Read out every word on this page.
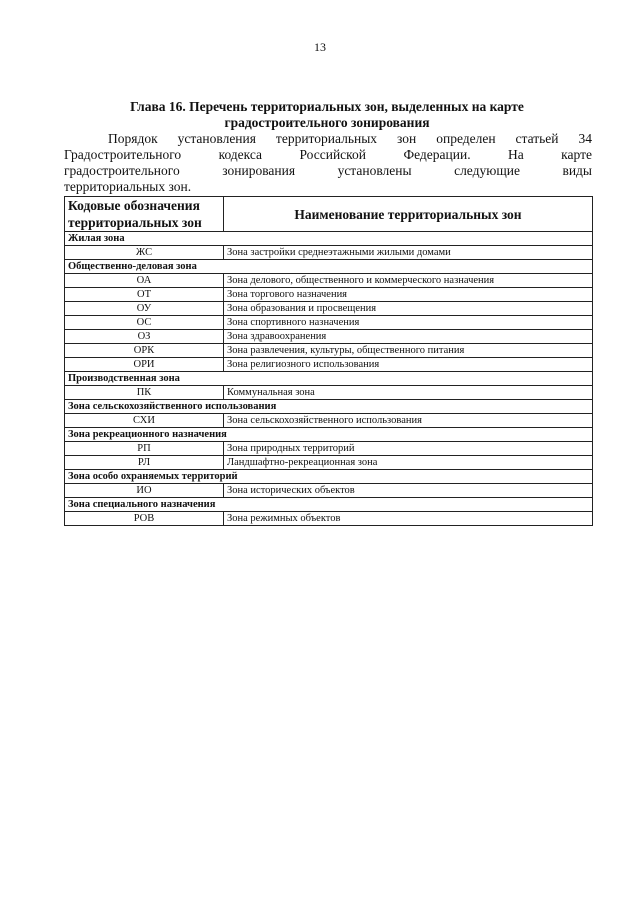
13
Глава 16. Перечень территориальных зон, выделенных на карте
градостроительного зонирования

Порядок установления территориальных зон определен статьей 34

Градостроительного кодекса Российской Федерации. На карте

градостроительного зонирования установлены следующие виды

территориальных зон.

Кодовые обозначения
территориальных зон	Наименование территориальных зон
Жилая зона	
ЖС	Зона застройки среднеэтажными жилыми домами
Общественно-деловая зона	
ОА	Зона делового, общественного и коммерческого назначения
ОТ	Зона торгового назначения
ОУ	Зона образования и просвещения
ОС	Зона спортивного назначения
ОЗ	Зона здравоохранения
ОРК	Зона развлечения, культуры, общественного питания
ОРИ	Зона религиозного использования
Производственная зона	
ПК	Коммунальная зона
Зона сельскохозяйственного использования	
СХИ	Зона сельскохозяйственного использования
Зона рекреационного назначения	
РП	Зона природных территорий
РЛ	Ландшафтно-рекреационная зона
Зона особо охраняемых территорий	
ИО	Зона исторических объектов
Зона специального назначения	
РОВ	Зона режимных объектов
